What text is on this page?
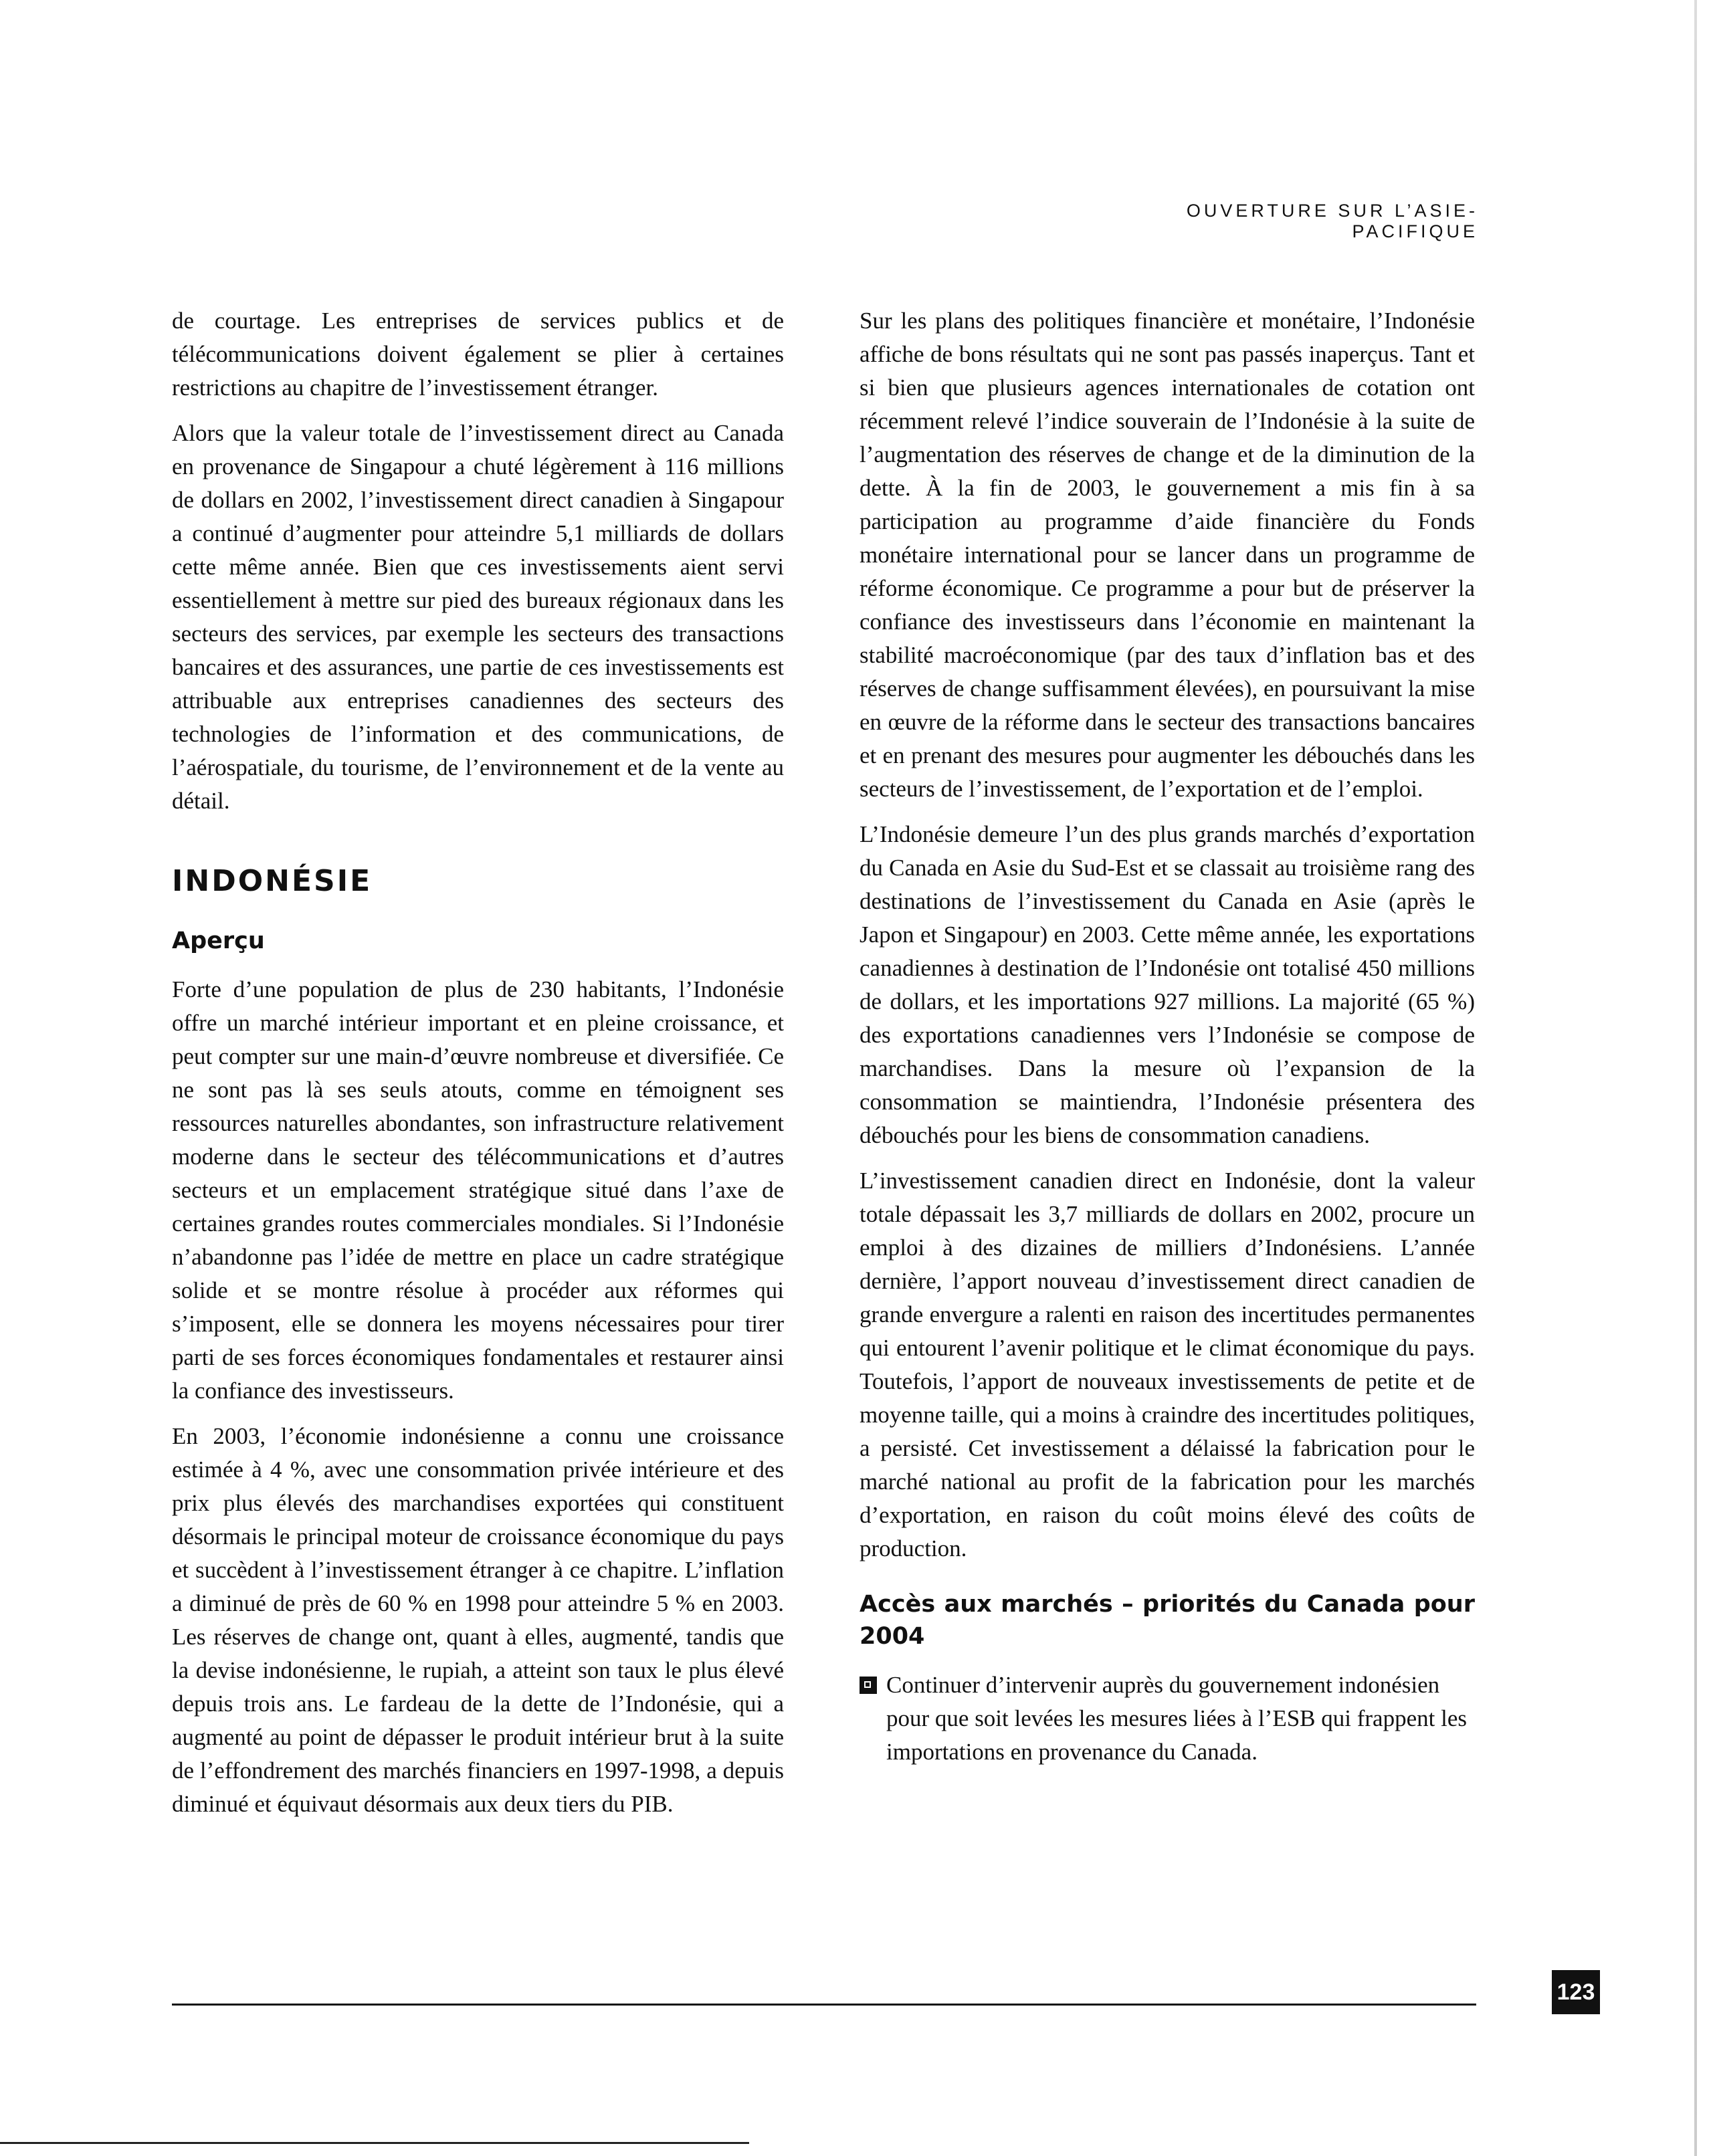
OUVERTURE SUR L’ASIE-PACIFIQUE

de courtage. Les entreprises de services publics et de télécommunications doivent également se plier à certaines restrictions au chapitre de l’investissement étranger.

Alors que la valeur totale de l’investissement direct au Canada en provenance de Singapour a chuté légèrement à 116 millions de dollars en 2002, l’investissement direct canadien à Singapour a continué d’augmenter pour atteindre 5,1 milliards de dollars cette même année. Bien que ces investissements aient servi essentiellement à mettre sur pied des bureaux régionaux dans les secteurs des services, par exemple les secteurs des transactions bancaires et des assurances, une partie de ces investissements est attribuable aux entreprises canadiennes des secteurs des technologies de l’information et des communications, de l’aérospatiale, du tourisme, de l’environnement et de la vente au détail.

INDONÉSIE
Aperçu

Forte d’une population de plus de 230 habitants, l’Indonésie offre un marché intérieur important et en pleine croissance, et peut compter sur une main-d’œuvre nombreuse et diversifiée. Ce ne sont pas là ses seuls atouts, comme en témoignent ses ressources naturelles abondantes, son infrastructure relativement moderne dans le secteur des télécommunications et d’autres secteurs et un emplacement stratégique situé dans l’axe de certaines grandes routes commerciales mondiales. Si l’Indonésie n’abandonne pas l’idée de mettre en place un cadre stratégique solide et se montre résolue à procéder aux réformes qui s’imposent, elle se donnera les moyens nécessaires pour tirer parti de ses forces économiques fondamentales et restaurer ainsi la confiance des investisseurs.

En 2003, l’économie indonésienne a connu une croissance estimée à 4 %, avec une consommation privée intérieure et des prix plus élevés des marchandises exportées qui constituent désormais le principal moteur de croissance économique du pays et succèdent à l’investissement étranger à ce chapitre. L’inflation a diminué de près de 60 % en 1998 pour atteindre 5 % en 2003. Les réserves de change ont, quant à elles, augmenté, tandis que la devise indonésienne, le rupiah, a atteint son taux le plus élevé depuis trois ans. Le fardeau de la dette de l’Indonésie, qui a augmenté au point de dépasser le produit intérieur brut à la suite de l’effondrement des marchés financiers en 1997-1998, a depuis diminué et équivaut désormais aux deux tiers du PIB.

Sur les plans des politiques financière et monétaire, l’Indonésie affiche de bons résultats qui ne sont pas passés inaperçus. Tant et si bien que plusieurs agences internationales de cotation ont récemment relevé l’indice souverain de l’Indonésie à la suite de l’augmentation des réserves de change et de la diminution de la dette. À la fin de 2003, le gouvernement a mis fin à sa participation au programme d’aide financière du Fonds monétaire international pour se lancer dans un programme de réforme économique. Ce programme a pour but de préserver la confiance des investisseurs dans l’économie en maintenant la stabilité macroéconomique (par des taux d’inflation bas et des réserves de change suffisamment élevées), en poursuivant la mise en œuvre de la réforme dans le secteur des transactions bancaires et en prenant des mesures pour augmenter les débouchés dans les secteurs de l’investissement, de l’exportation et de l’emploi.

L’Indonésie demeure l’un des plus grands marchés d’exportation du Canada en Asie du Sud-Est et se classait au troisième rang des destinations de l’investissement du Canada en Asie (après le Japon et Singapour) en 2003. Cette même année, les exportations canadiennes à destination de l’Indonésie ont totalisé 450 millions de dollars, et les importations 927 millions. La majorité (65 %) des exportations canadiennes vers l’Indonésie se compose de marchandises. Dans la mesure où l’expansion de la consommation se maintiendra, l’Indonésie présentera des débouchés pour les biens de consommation canadiens.

L’investissement canadien direct en Indonésie, dont la valeur totale dépassait les 3,7 milliards de dollars en 2002, procure un emploi à des dizaines de milliers d’Indonésiens. L’année dernière, l’apport nouveau d’investissement direct canadien de grande envergure a ralenti en raison des incertitudes permanentes qui entourent l’avenir politique et le climat économique du pays. Toutefois, l’apport de nouveaux investissements de petite et de moyenne taille, qui a moins à craindre des incertitudes politiques, a persisté. Cet investissement a délaissé la fabrication pour le marché national au profit de la fabrication pour les marchés d’exportation, en raison du coût moins élevé des coûts de production.

Accès aux marchés – priorités du Canada pour 2004
Continuer d’intervenir auprès du gouvernement indonésien pour que soit levées les mesures liées à l’ESB qui frappent les importations en provenance du Canada.
123
